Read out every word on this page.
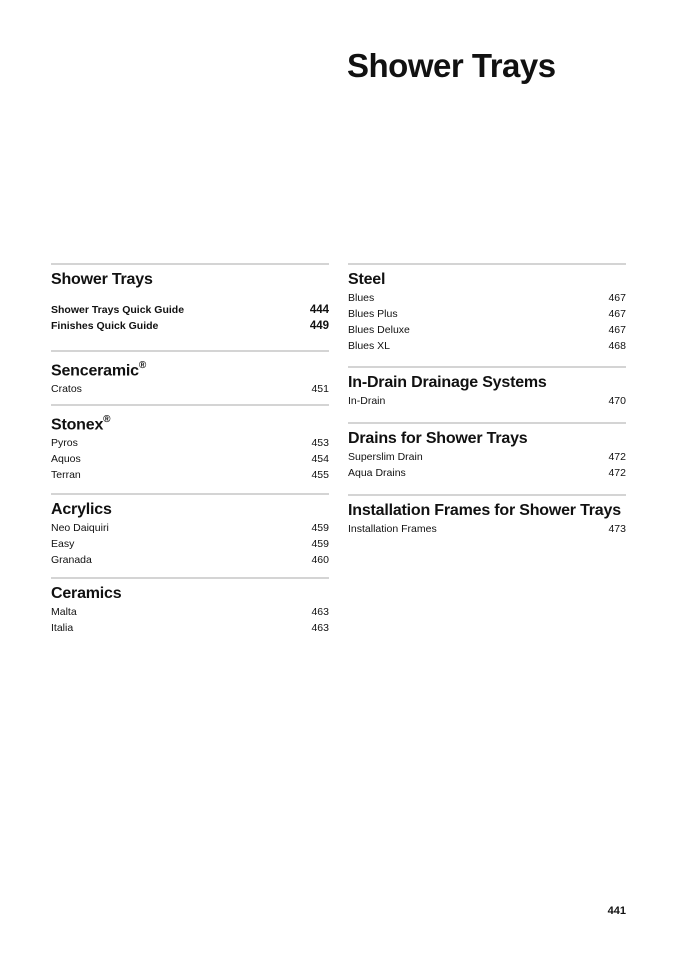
Shower Trays
Shower Trays
Shower Trays Quick Guide	444
Finishes Quick Guide	449
Senceramic®
Cratos	451
Stonex®
Pyros	453
Aquos	454
Terran	455
Acrylics
Neo Daiquiri	459
Easy	459
Granada	460
Ceramics
Malta	463
Italia	463
Steel
Blues	467
Blues Plus	467
Blues Deluxe	467
Blues XL	468
In-Drain Drainage Systems
In-Drain	470
Drains for Shower Trays
Superslim Drain	472
Aqua Drains	472
Installation Frames for Shower Trays
Installation Frames	473
441
